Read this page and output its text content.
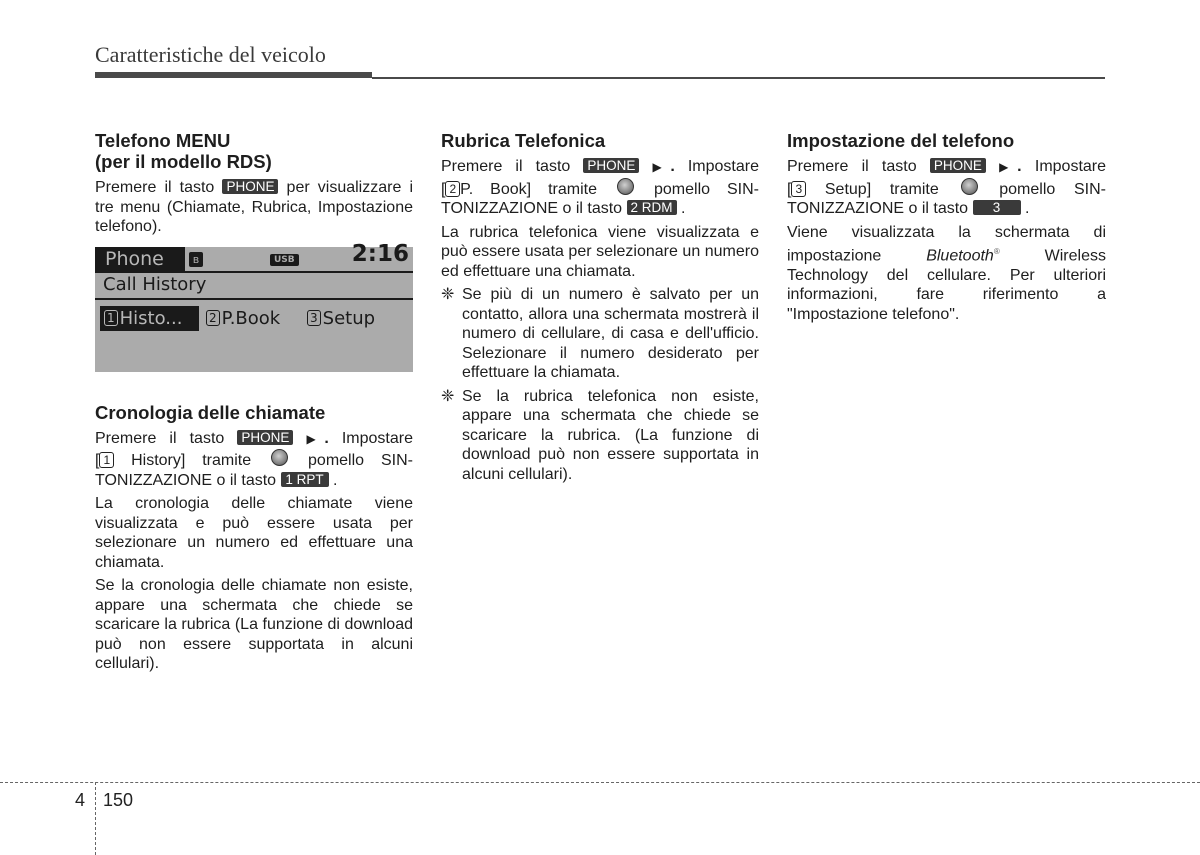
Caratteristiche del veicolo
Telefono MENU
(per il modello RDS)

Premere il tasto PHONE per visualizzare i tre menu (Chiamate, Rubrica, Impostazione telefono).

Phone	ʙ	USB 2:16
Call History
1 Histo...	2 P.Book 3 Setup
Cronologia delle chiamate

Premere il tasto PHONE ▶. Impostare

[ 1 History] tramite	pomello SIN-

TONIZZAZIONE o il tasto 1 RPT .

La cronologia delle chiamate viene visualizzata e può essere usata per selezionare un numero ed effettuare una chiamata.

Se la cronologia delle chiamate non esiste, appare una schermata che chiede se scaricare la rubrica (La funzione di download può non essere supportata in alcuni cellulari).

Rubrica Telefonica

Premere il tasto PHONE ▶. Impostare

[ 2 P. Book] tramite	pomello SIN-

TONIZZAZIONE o il tasto 2 RDM .

La rubrica telefonica viene visualizzata e può essere usata per selezionare un numero ed effettuare una chiamata.

❈ Se più di un numero è salvato per un contatto, allora una schermata mostrerà il numero di cellulare, di casa e dell'ufficio. Selezionare il numero desiderato per effettuare la chiamata.
❈ Se la rubrica telefonica non esiste, appare una schermata che chiede se scaricare la rubrica. (La funzione di download può non essere supportata in alcuni cellulari).
Impostazione del telefono

Premere il tasto PHONE ▶. Impostare

[ 3 Setup] tramite	pomello SIN-

TONIZZAZIONE o il tasto 3 .

Viene visualizzata la schermata di impostazione	Bluetooth®	Wireless Technology del cellulare. Per ulteriori informazioni, fare riferimento a "Impostazione telefono".

4 150
